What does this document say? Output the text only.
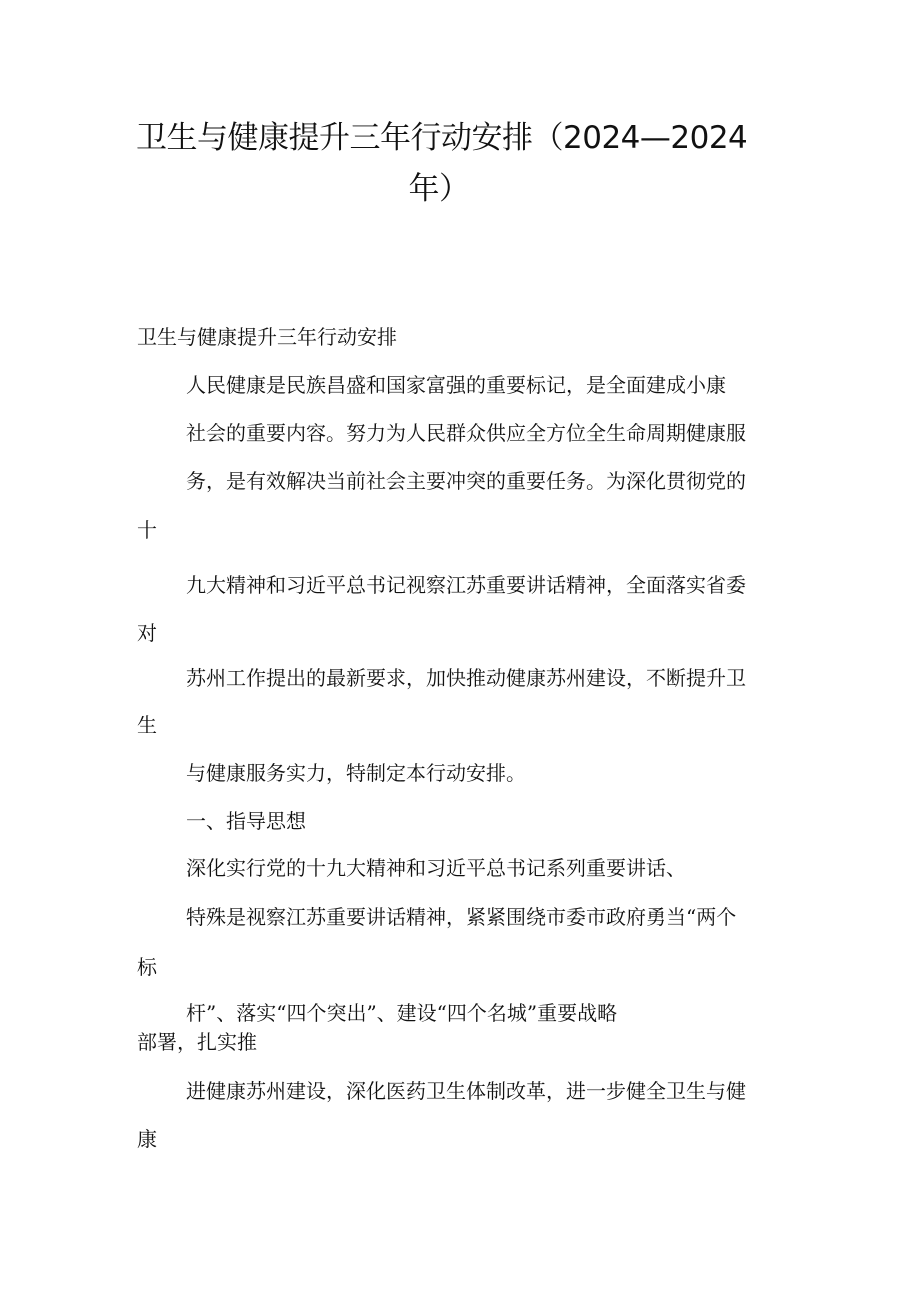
卫生与健康提升三年行动安排（2024—2024
年）
卫生与健康提升三年行动安排
人民健康是民族昌盛和国家富强的重要标记，是全面建成小康
社会的重要内容。努力为人民群众供应全方位全生命周期健康服
务，是有效解决当前社会主要冲突的重要任务。为深化贯彻党的
十
九大精神和习近平总书记视察江苏重要讲话精神，全面落实省委
对
苏州工作提出的最新要求，加快推动健康苏州建设，不断提升卫
生
与健康服务实力，特制定本行动安排。
一、指导思想
深化实行党的十九大精神和习近平总书记系列重要讲话、
特殊是视察江苏重要讲话精神，紧紧围绕市委市政府勇当“两个
标
杆”、落实“四个突出”、建设“四个名城”重要战略
部署，扎实推
进健康苏州建设，深化医药卫生体制改革，进一步健全卫生与健
康
